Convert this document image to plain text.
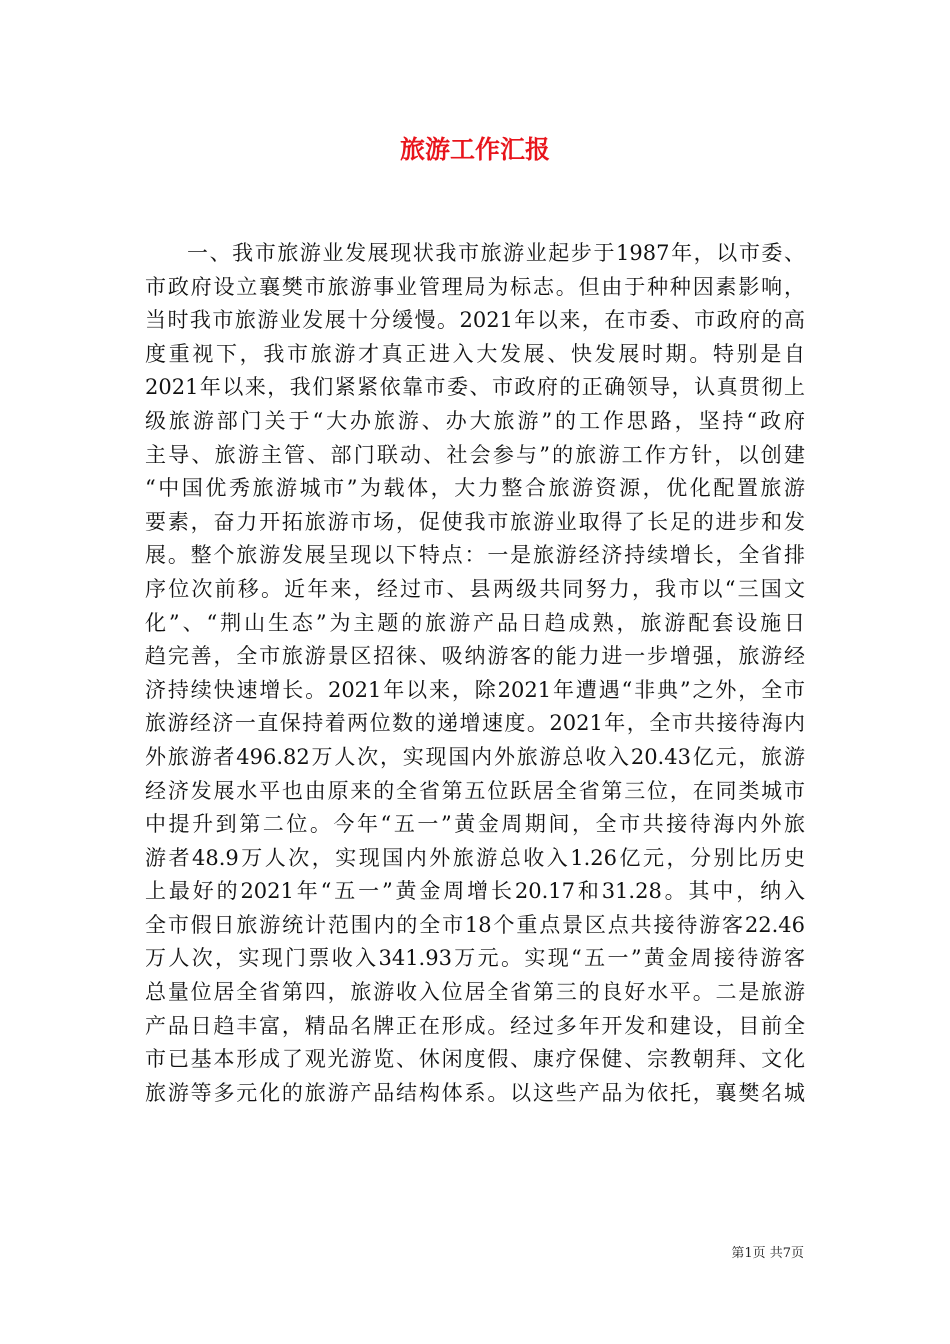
旅游工作汇报
一、我市旅游业发展现状我市旅游业起步于1987年，以市委、
市政府设立襄樊市旅游事业管理局为标志。但由于种种因素影响，
当时我市旅游业发展十分缓慢。2021年以来，在市委、市政府的高
度重视下，我市旅游才真正进入大发展、快发展时期。特别是自
2021年以来，我们紧紧依靠市委、市政府的正确领导，认真贯彻上
级旅游部门关于“大办旅游、办大旅游”的工作思路，坚持“政府
主导、旅游主管、部门联动、社会参与”的旅游工作方针，以创建
“中国优秀旅游城市”为载体，大力整合旅游资源，优化配置旅游
要素，奋力开拓旅游市场，促使我市旅游业取得了长足的进步和发
展。整个旅游发展呈现以下特点：一是旅游经济持续增长，全省排
序位次前移。近年来，经过市、县两级共同努力，我市以“三国文
化”、“荆山生态”为主题的旅游产品日趋成熟，旅游配套设施日
趋完善，全市旅游景区招徕、吸纳游客的能力进一步增强，旅游经
济持续快速增长。2021年以来，除2021年遭遇“非典”之外，全市
旅游经济一直保持着两位数的递增速度。2021年，全市共接待海内
外旅游者496.82万人次，实现国内外旅游总收入20.43亿元，旅游
经济发展水平也由原来的全省第五位跃居全省第三位，在同类城市
中提升到第二位。今年“五一”黄金周期间，全市共接待海内外旅
游者48.9万人次，实现国内外旅游总收入1.26亿元，分别比历史
上最好的2021年“五一”黄金周增长20.17和31.28。其中，纳入
全市假日旅游统计范围内的全市18个重点景区点共接待游客22.46
万人次，实现门票收入341.93万元。实现“五一”黄金周接待游客
总量位居全省第四，旅游收入位居全省第三的良好水平。二是旅游
产品日趋丰富，精品名牌正在形成。经过多年开发和建设，目前全
市已基本形成了观光游览、休闲度假、康疗保健、宗教朝拜、文化
旅游等多元化的旅游产品结构体系。以这些产品为依托，襄樊名城
第1页 共7页
